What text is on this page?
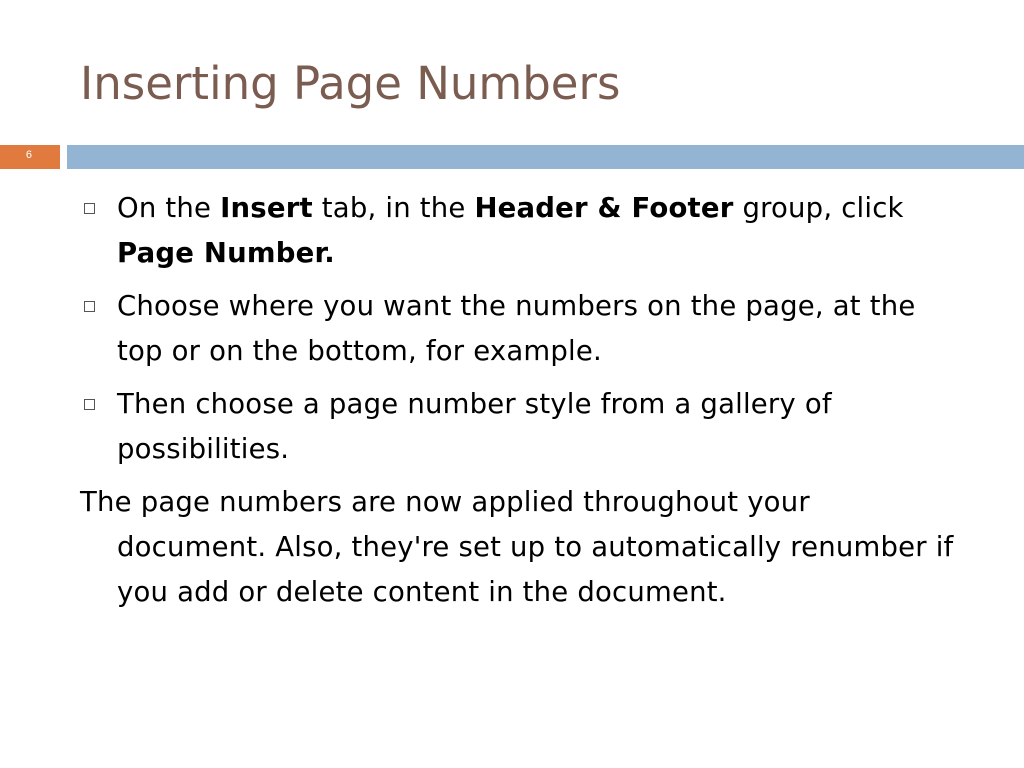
Inserting Page Numbers
6
On the Insert tab, in the Header & Footer group, click Page Number.
Choose where you want the numbers on the page, at the top or on the bottom, for example.
Then choose a page number style from a gallery of possibilities.

The page numbers are now applied throughout your document. Also, they're set up to automatically renumber if you add or delete content in the document.
